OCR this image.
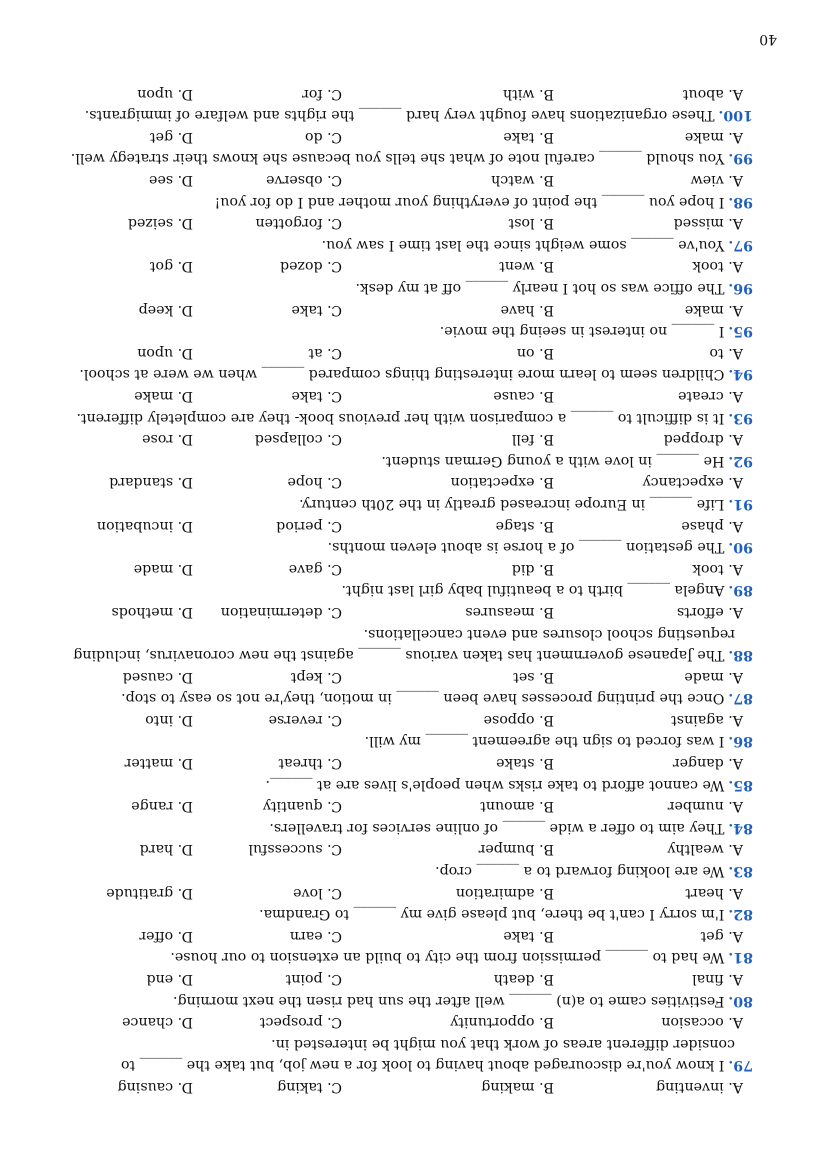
A. inventing
B. making
C. taking
D. causing
79.I know you're discouraged about having to look for a new job, but take the ______ to consider different areas of work that you might be interested in.
A. occasion
B. opportunity
C. prospect
D. chance
80.Festivities came to a(n) ______ well after the sun had risen the next morning.
A. final
B. death
C. point
D. end
81.We had to ______ permission from the city to build an extension to our house.
A. get
B. take
C. earn
D. offer
82.I'm sorry I can't be there, but please give my ______ to Grandma.
A. heart
B. admiration
C. love
D. gratitude
83.We are looking forward to a ______ crop.
A. wealthy
B. bumper
C. successful
D. hard
84.They aim to offer a wide ______ of online services for travellers.
A. number
B. amount
C. quantity
D. range
85.We cannot afford to take risks when people's lives are at ______.
A. danger
B. stake
C. threat
D. matter
86.I was forced to sign the agreement ______ my will.
A. against
B. oppose
C. reverse
D. into
87.Once the printing processes have been ______ in motion, they're not so easy to stop.
A. made
B. set
C. kept
D. caused
88.The Japanese government has taken various ______ against the new coronavirus, including requesting school closures and event cancellations.
A. efforts
B. measures
C. determination
D. methods
89.Angela ______ birth to a beautiful baby girl last night.
A. took
B. did
C. gave
D. made
90.The gestation ______ of a horse is about eleven months.
A. phase
B. stage
C. period
D. incubation
91.Life ______ in Europe increased greatly in the 20th century.
A. expectancy
B. expectation
C. hope
D. standard
92.He ______ in love with a young German student.
A. dropped
B. fell
C. collapsed
D. rose
93.It is difficult to ______ a comparison with her previous book- they are completely different.
A. create
B. cause
C. take
D. make
94.Children seem to learn more interesting things compared ______ when we were at school.
A. to
B. on
C. at
D. upon
95.I ______ no interest in seeing the movie.
A. make
B. have
C. take
D. keep
96.The office was so hot I nearly ______ off at my desk.
A. took
B. went
C. dozed
D. got
97.You've ______ some weight since the last time I saw you.
A. missed
B. lost
C. forgotten
D. seized
98.I hope you ______ the point of everything your mother and I do for you!
A. view
B. watch
C. observe
D. see
99.You should ______ careful note of what she tells you because she knows their strategy well.
A. make
B. take
C. do
D. get
100.These organizations have fought very hard ______ the rights and welfare of immigrants.
A. about
B. with
C. for
D. upon
40
